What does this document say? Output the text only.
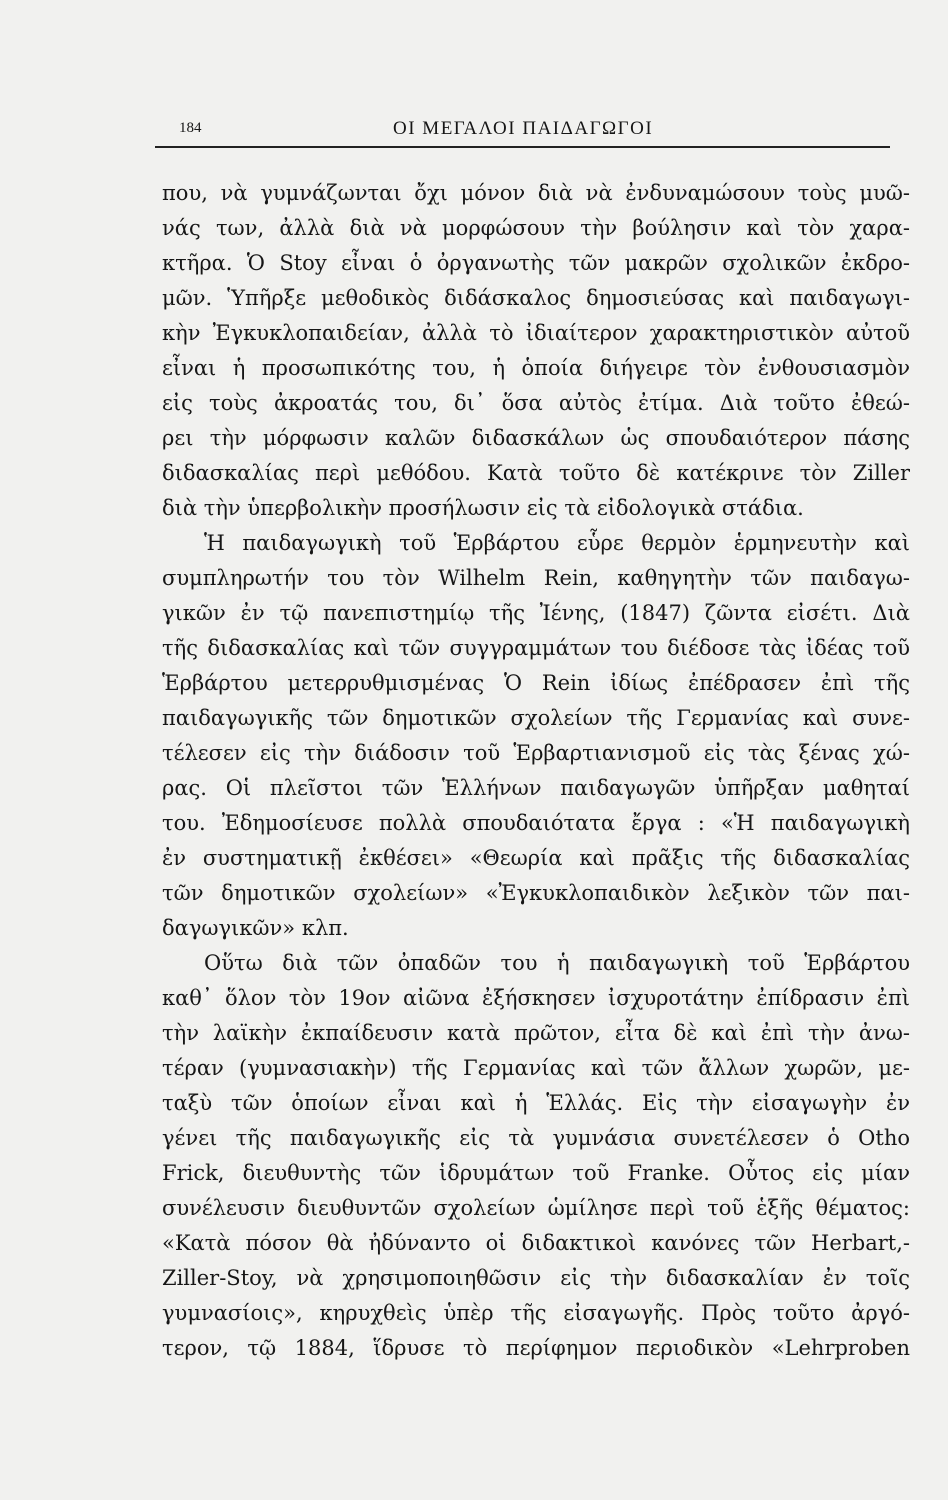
184	ΟΙ ΜΕΓΑΛΟΙ ΠΑΙΔΑΓΩΓΟΙ
που, νὰ γυμνάζωνται ὄχι μόνον διὰ νὰ ἐνδυναμώσουν τοὺς μυῶ-
νάς των, ἀλλὰ διὰ νὰ μορφώσουν τὴν βούλησιν καὶ τὸν χαρα-
κτῆρα. Ὁ Stoy εἶναι ὁ ὀργανωτὴς τῶν μακρῶν σχολικῶν ἐκδρο-
μῶν. Ὑπῆρξε μεθοδικὸς διδάσκαλος δημοσιεύσας καὶ παιδαγωγι-
κὴν Ἐγκυκλοπαιδείαν, ἀλλὰ τὸ ἰδιαίτερον χαρακτηριστικὸν αὐτοῦ
εἶναι ἡ προσωπικότης του, ἡ ὁποία διήγειρε τὸν ἐνθουσιασμὸν
εἰς τοὺς ἀκροατάς του, δι᾽ ὅσα αὐτὸς ἐτίμα. Διὰ τοῦτο ἐθεώ-
ρει τὴν μόρφωσιν καλῶν διδασκάλων ὡς σπουδαιότερον πάσης
διδασκαλίας περὶ μεθόδου. Κατὰ τοῦτο δὲ κατέκρινε τὸν Ziller
διὰ τὴν ὑπερβολικὴν προσήλωσιν εἰς τὰ εἰδολογικὰ στάδια.
Ἡ παιδαγωγικὴ τοῦ Ἑρβάρτου εὗρε θερμὸν ἑρμηνευτὴν καὶ
συμπληρωτήν του τὸν Wilhelm Rein, καθηγητὴν τῶν παιδαγω-
γικῶν ἐν τῷ πανεπιστημίῳ τῆς Ἰένης, (1847) ζῶντα εἰσέτι. Διὰ
τῆς διδασκαλίας καὶ τῶν συγγραμμάτων του διέδοσε τὰς ἰδέας τοῦ
Ἑρβάρτου μετερρυθμισμένας Ὁ Rein ἰδίως ἐπέδρασεν ἐπὶ τῆς
παιδαγωγικῆς τῶν δημοτικῶν σχολείων τῆς Γερμανίας καὶ συνε-
τέλεσεν εἰς τὴν διάδοσιν τοῦ Ἑρβαρτιανισμοῦ εἰς τὰς ξένας χώ-
ρας. Οἱ πλεῖστοι τῶν Ἑλλήνων παιδαγωγῶν ὑπῆρξαν μαθηταί
του. Ἐδημοσίευσε πολλὰ σπουδαιότατα ἔργα : «Ἡ παιδαγωγικὴ
ἐν συστηματικῇ ἐκθέσει» «Θεωρία καὶ πρᾶξις τῆς διδασκαλίας
τῶν δημοτικῶν σχολείων» «Ἐγκυκλοπαιδικὸν λεξικὸν τῶν παι-
δαγωγικῶν» κλπ.
Οὕτω διὰ τῶν ὀπαδῶν του ἡ παιδαγωγικὴ τοῦ Ἑρβάρτου
καθ᾽ ὅλον τὸν 19ον αἰῶνα ἐξήσκησεν ἰσχυροτάτην ἐπίδρασιν ἐπὶ
τὴν λαϊκὴν ἐκπαίδευσιν κατὰ πρῶτον, εἶτα δὲ καὶ ἐπὶ τὴν ἀνω-
τέραν (γυμνασιακὴν) τῆς Γερμανίας καὶ τῶν ἄλλων χωρῶν, με-
ταξὺ τῶν ὁποίων εἶναι καὶ ἡ Ἑλλάς. Εἰς τὴν εἰσαγωγὴν ἐν
γένει τῆς παιδαγωγικῆς εἰς τὰ γυμνάσια συνετέλεσεν ὁ Otho
Frick, διευθυντὴς τῶν ἱδρυμάτων τοῦ Franke. Οὗτος εἰς μίαν
συνέλευσιν διευθυντῶν σχολείων ὡμίλησε περὶ τοῦ ἑξῆς θέματος:
«Κατὰ πόσον θὰ ἠδύναντο οἱ διδακτικοὶ κανόνες τῶν Herbart,-
Ziller-Stoy, νὰ χρησιμοποιηθῶσιν εἰς τὴν διδασκαλίαν ἐν τοῖς
γυμνασίοις», κηρυχθεὶς ὑπὲρ τῆς εἰσαγωγῆς. Πρὸς τοῦτο ἀργό-
τερον, τῷ 1884, ἵδρυσε τὸ περίφημον περιοδικὸν «Lehrproben
